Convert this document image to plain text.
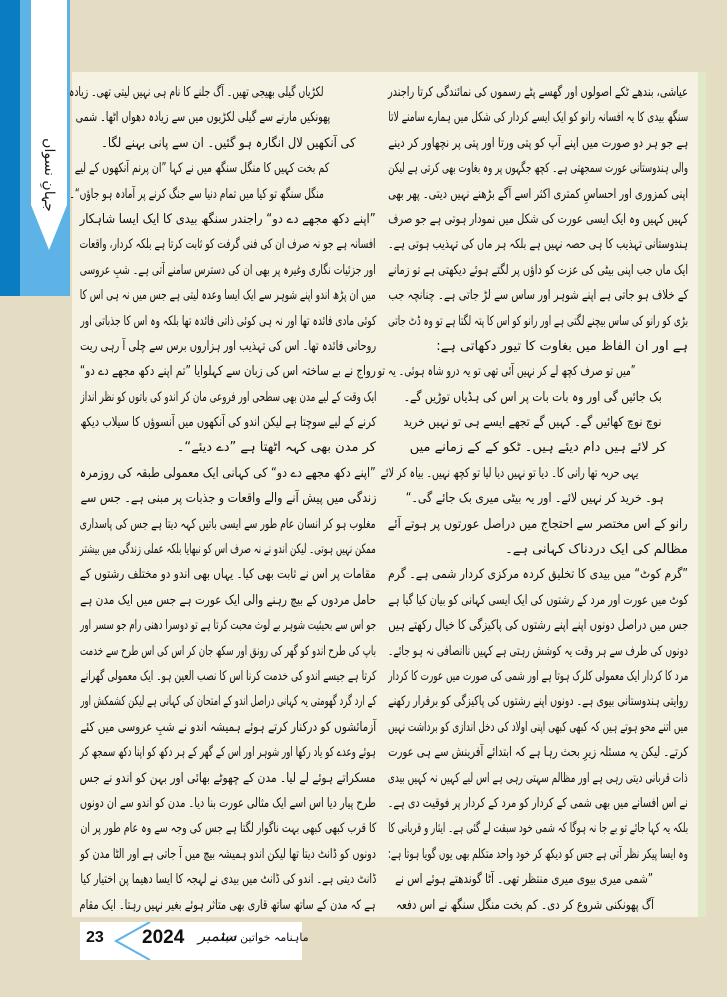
جہانِ نسواں
عیاشی، بندھے ٹکے اصولوں اور گھسے پٹے رسموں کی نمائندگی کرتا راجندر
سنگھ بیدی کا یہ افسانہ رانو کو ایک ایسے کردار کی شکل میں ہمارے سامنے لاتا
ہے جو ہر دو صورت میں اپنے آپ کو پتی ورتا اور پتی پر نچھاور کر دینے
والی ہندوستانی عورت سمجھتی ہے۔ کچھ جگہوں پر وہ بغاوت بھی کرتی ہے لیکن
اپنی کمزوری اور احساسِ کمتری اکثر اسے آگے بڑھنے نہیں دیتی۔ پھر بھی
کہیں کہیں وہ ایک ایسی عورت کی شکل میں نمودار ہوتی ہے جو صرف
ہندوستانی تہذیب کا ہی حصہ نہیں ہے بلکہ ہر ماں کی تہذیب ہوتی ہے۔
ایک ماں جب اپنی بیٹی کی عزت کو داؤں پر لگتے ہوئے دیکھتی ہے تو زمانے
کے خلاف ہو جاتی ہے اپنے شوہر اور ساس سے لڑ جاتی ہے۔ چنانچہ جب
بڑی کو رانو کی ساس بیچنے لگتی ہے اور رانو کو اس کا پتہ لگتا ہے تو وہ ڈٹ جاتی
ہے اور ان الفاظ میں بغاوت کا تیور دکھاتی ہے:
”میں تو صرف کچھ لے کر نہیں آئی تھی تو یہ درو شاہ ہوئی۔ یہ تو
بک جائیں گی اور وہ بات بات پر اس کی ہڈیاں توڑیں گے۔
نوچ نوچ کھائیں گے۔ کہیں گے تجھے ایسے ہی تو نہیں خرید
کر لائے ہیں دام دیئے ہیں۔ ٹکو کے کے زمانے میں
یہی حربہ تھا رانی کا۔ دیا تو نہیں دیا لیا تو کچھ نہیں۔ بیاہ کر لائے
ہو۔ خرید کر نہیں لائے۔ اور یہ بیٹی میری بک جائے گی۔“
رانو کے اس مختصر سے احتجاج میں دراصل عورتوں پر ہوتے آئے
مظالم کی ایک دردناک کہانی ہے۔
”گرم کوٹ“ میں بیدی کا تخلیق کردہ مرکزی کردار شمی ہے۔ گرم
کوٹ میں عورت اور مرد کے رشتوں کی ایک ایسی کہانی کو بیان کیا گیا ہے
جس میں دراصل دونوں اپنے اپنے رشتوں کی پاکیزگی کا خیال رکھتے ہیں
دونوں کی طرف سے ہر وقت یہ کوشش رہتی ہے کہیں ناانصافی نہ ہو جائے۔
مرد کا کردار ایک معمولی کلرک ہوتا ہے اور شمی کی صورت میں عورت کا کردار
روایتی ہندوستانی بیوی ہے۔ دونوں اپنے رشتوں کی پاکیزگی کو برقرار رکھنے
میں اتنے محو ہوتے ہیں کہ کبھی کبھی اپنی اولاد کی دخل اندازی کو برداشت نہیں
کرتے۔ لیکن یہ مسئلہ زیرِ بحث رہا ہے کہ ابتدائے آفرینش سے ہی عورت
ذات قربانی دیتی رہی ہے اور مظالم سہتی رہی ہے اس لیے کہیں نہ کہیں بیدی
نے اس افسانے میں بھی شمی کے کردار کو مرد کے کردار پر فوقیت دی ہے۔
بلکہ یہ کہا جائے تو بے جا نہ ہوگا کہ شمی خود سبقت لے گئی ہے۔ ایثار و قربانی کا
وہ ایسا پیکر نظر آتی ہے جس کو دیکھ کر خود واحد متکلم بھی یوں گویا ہوتا ہے:
”شمی میری بیوی میری منتظر تھی۔ آٹا گوندھتے ہوئے اس نے
آگ پھونکنی شروع کر دی۔ کم بخت منگل سنگھ نے اس دفعہ
لکڑیاں گیلی بھیجی تھیں۔ آگ جلنے کا نام ہی نہیں لیتی تھی۔ زیادہ
پھونکیں مارنے سے گیلی لکڑیوں میں سے زیادہ دھواں اٹھا۔ شمی
کی آنکھیں لال انگارہ ہو گئیں۔ ان سے پانی بہنے لگا۔
کم بخت کہیں کا منگل سنگھ میں نے کہا ”ان پرنم آنکھوں کے لیے
منگل سنگھ تو کیا میں تمام دنیا سے جنگ کرنے پر آمادہ ہو جاؤں“۔
”اپنے دکھ مجھے دے دو“ راجندر سنگھ بیدی کا ایک ایسا شاہکار
افسانہ ہے جو نہ صرف ان کی فنی گرفت کو ثابت کرتا ہے بلکہ کردار، واقعات
اور جزئیات نگاری وغیرہ پر بھی ان کی دسترس سامنے آتی ہے۔ شبِ عروسی
میں ان پڑھ اندو اپنے شوہر سے ایک ایسا وعدہ لیتی ہے جس میں نہ ہی اس کا
کوئی مادی فائدہ تھا اور نہ ہی کوئی ذاتی فائدہ تھا بلکہ وہ اس کا جذباتی اور
روحانی فائدہ تھا۔ اس کی تہذیب اور ہزاروں برس سے چلی آ رہی ریت
رواج نے بے ساختہ اس کی زبان سے کہلوایا ”تم اپنے دکھ مجھے دے دو“
ایک وقت کے لیے مدن بھی سطحی اور فروعی مان کر اندو کی باتوں کو نظر انداز
کرنے کے لیے سوچتا ہے لیکن اندو کی آنکھوں میں آنسوؤں کا سیلاب دیکھ
کر مدن بھی کہہ اٹھتا ہے ”دے دیئے“۔
”اپنے دکھ مجھے دے دو“ کی کہانی ایک معمولی طبقہ کی روزمرہ
زندگی میں پیش آنے والے واقعات و جذبات پر مبنی ہے۔ جس سے
مغلوب ہو کر انسان عام طور سے ایسی باتیں کہہ دیتا ہے جس کی پاسداری
ممکن نہیں ہوتی۔ لیکن اندو نے نہ صرف اس کو نبھایا بلکہ عملی زندگی میں بیشتر
مقامات پر اس نے ثابت بھی کیا۔ یہاں بھی اندو دو مختلف رشتوں کے
حامل مردوں کے بیچ رہنے والی ایک عورت ہے جس میں ایک مدن ہے
جو اس سے بحیثیت شوہر بے لوث محبت کرتا ہے تو دوسرا دھنی رام جو سسر اور
باپ کی طرح اندو کو گھر کی رونق اور سکھ جان کر اس کی اس طرح سے خدمت
کرتا ہے جیسے اندو کی خدمت کرنا اس کا نصب العین ہو۔ ایک معمولی گھرانے
کے ارد گرد گھومتی یہ کہانی دراصل اندو کے امتحان کی کہانی ہے لیکن کشمکش اور
آزمائشوں کو درکنار کرتے ہوئے ہمیشہ اندو نے شبِ عروسی میں کئے
ہوئے وعدے کو یاد رکھا اور شوہر اور اس کے گھر کے ہر دکھ کو اپنا دکھ سمجھ کر
مسکراتے ہوئے لے لیا۔ مدن کے چھوٹے بھائی اور بہن کو اندو نے جس
طرح پیار دیا اس اسے ایک مثالی عورت بنا دیا۔ مدن کو اندو سے ان دونوں
کا قرب کبھی کبھی بہت ناگوار لگتا ہے جس کی وجہ سے وہ عام طور پر ان
دونوں کو ڈانٹ دیتا تھا لیکن اندو ہمیشہ بیچ میں آ جاتی ہے اور الٹا مدن کو
ڈانٹ دیتی ہے۔ اندو کی ڈانٹ میں بیدی نے لہجہ کا ایسا دھیما پن اختیار کیا
ہے کہ مدن کے ساتھ ساتھ قاری بھی متاثر ہوئے بغیر نہیں رہتا۔ ایک مقام
23 2024 ستمبر
ماہنامہ خواتین دنیا
